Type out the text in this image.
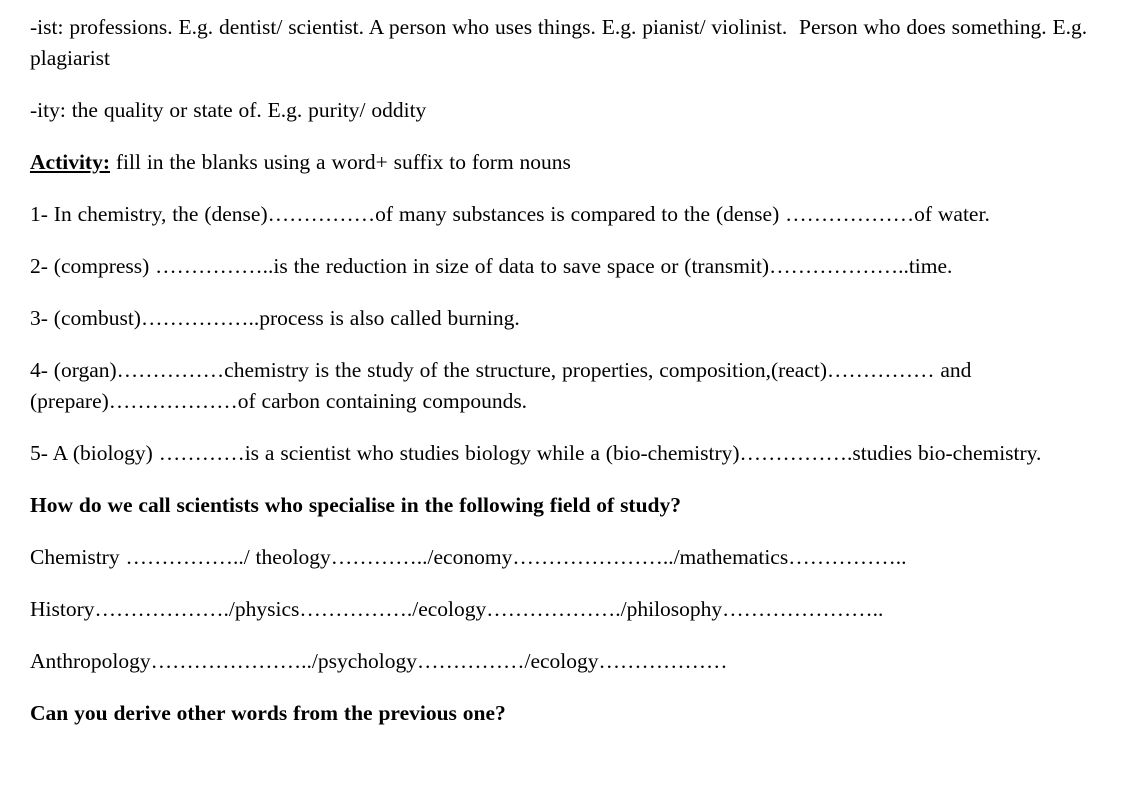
-ist: professions. E.g. dentist/ scientist. A person who uses things. E.g. pianist/ violinist.  Person who does something. E.g. plagiarist

-ity: the quality or state of. E.g. purity/ oddity

Activity: fill in the blanks using a word+ suffix to form nouns

1- In chemistry, the (dense)……………of many substances is compared to the (dense) ………………of water.

2- (compress) ……………..is the reduction in size of data to save space or (transmit)………………..time.

3- (combust)……………..process is also called burning.

4- (organ)……………chemistry is the study of the structure, properties, composition,(react)…………… and (prepare)………………of carbon containing compounds.

5- A (biology) …………is a scientist who studies biology while a (bio-chemistry)…………….studies bio-chemistry.

How do we call scientists who specialise in the following field of study?

Chemistry ……………../ theology…………../economy…………………../mathematics……………..

History………………./physics……………./ecology………………./philosophy…………………..

Anthropology…………………../psychology……………/ecology………………

Can you derive other words from the previous one?
